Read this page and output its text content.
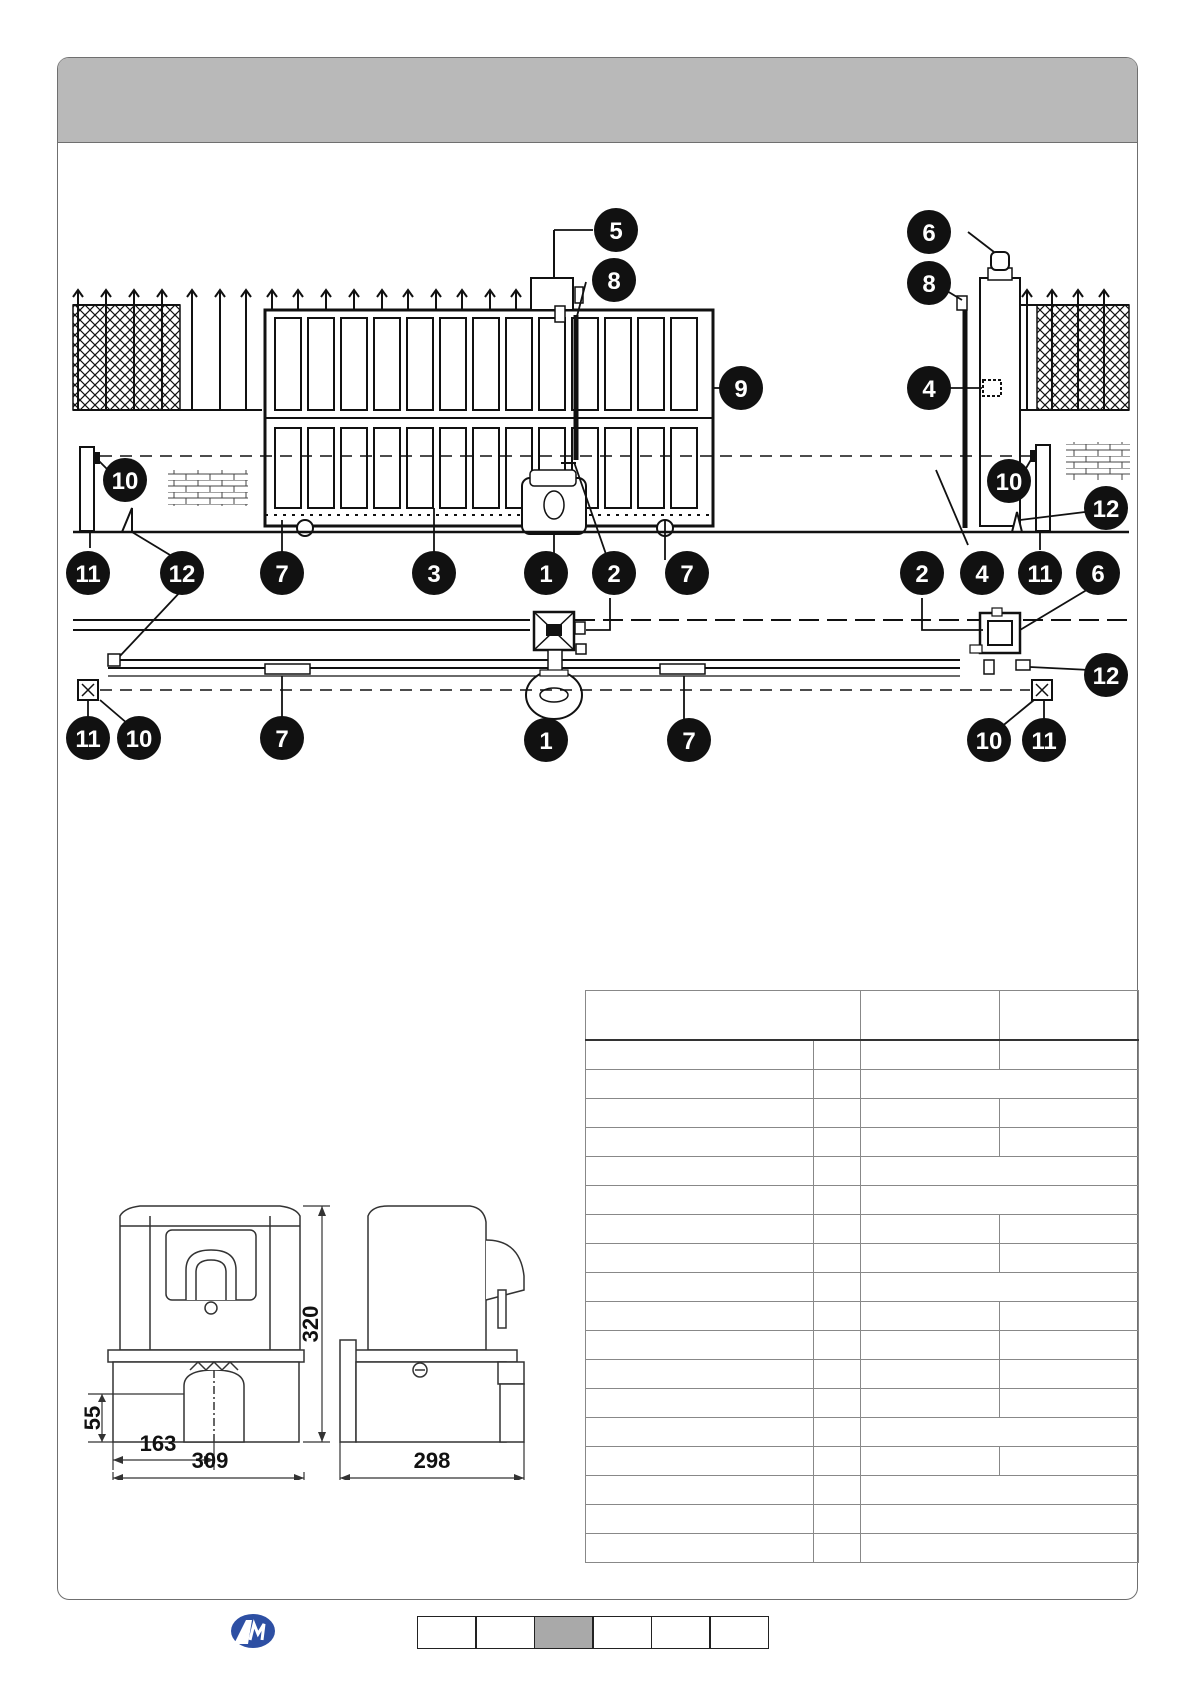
5
8
9
6
8
4
10	10
12
11	12	7	3	1 2 7	2 4 11 6
12
11 10	7	1	7	10 11
320
55
163
309	298
